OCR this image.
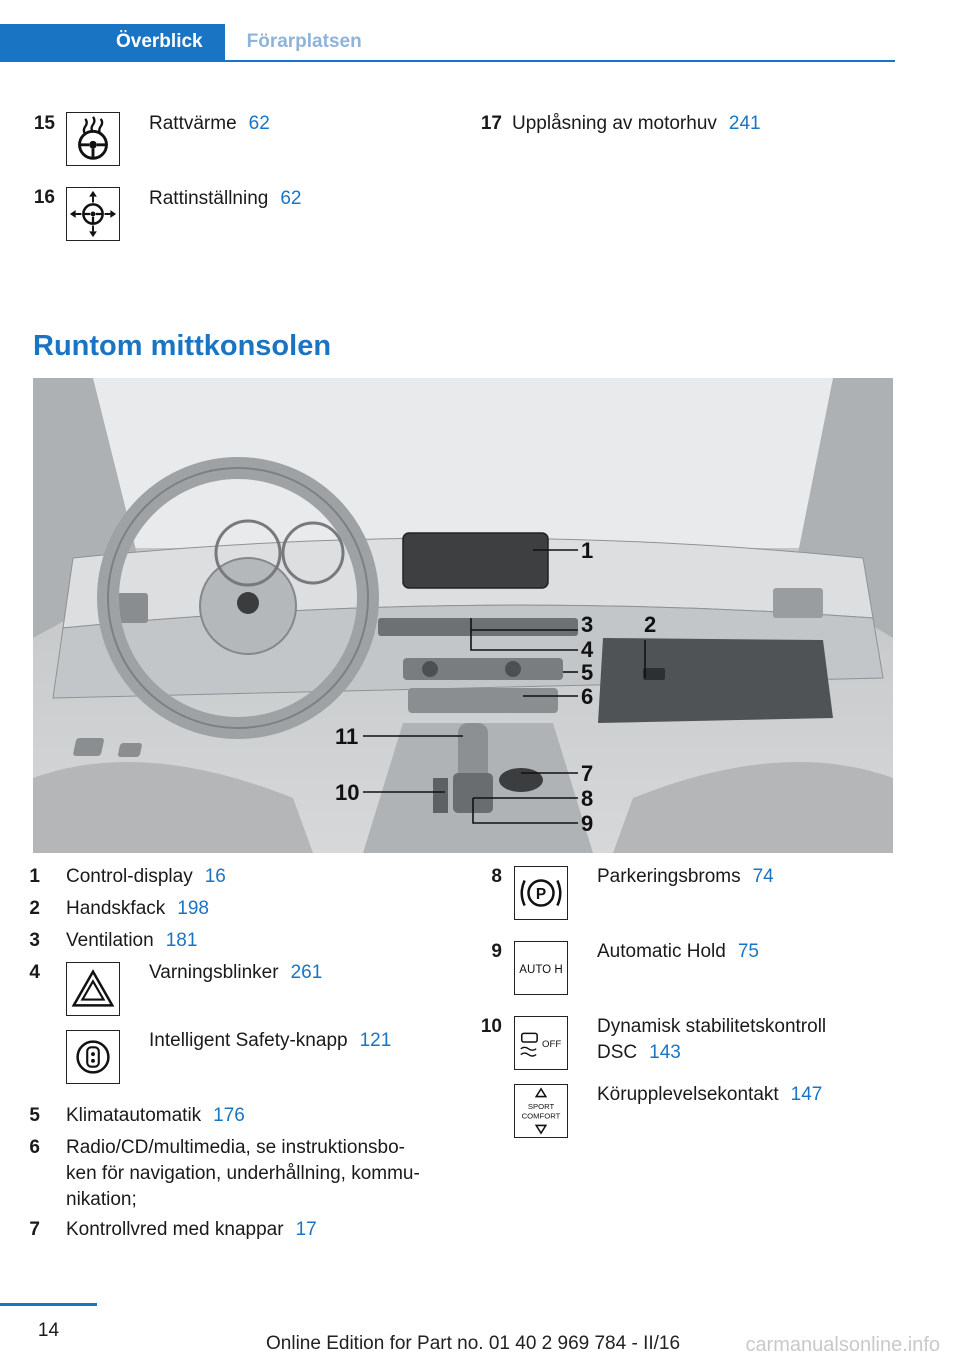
Överblick	Förarplatsen
15	Rattvärme 62
16	Rattinställning 62
17 Upplåsning av motorhuv 241
Runtom mittkonsolen
1
2
3
4
5
6
7
8
9
10
11
1 Control-display 16
2 Handskfack 198
3 Ventilation 181
4	Varningsblinker 261
Intelligent Safety-knapp 121
5 Klimatautomatik 176
6 Radio/CD/multimedia, se instruktionsbo-
ken för navigation, underhållning, kommu-
nikation;
7 Kontrollvred med knappar 17
8
P
Parkeringsbroms 74
9
AUTO H
Automatic Hold 75
10
OFF
Dynamisk stabilitetskontroll
DSC 143
SPORT
COMFORT
Körupplevelsekontakt 147
14
Online Edition for Part no. 01 40 2 969 784 - II/16	carmanualsonline.info
